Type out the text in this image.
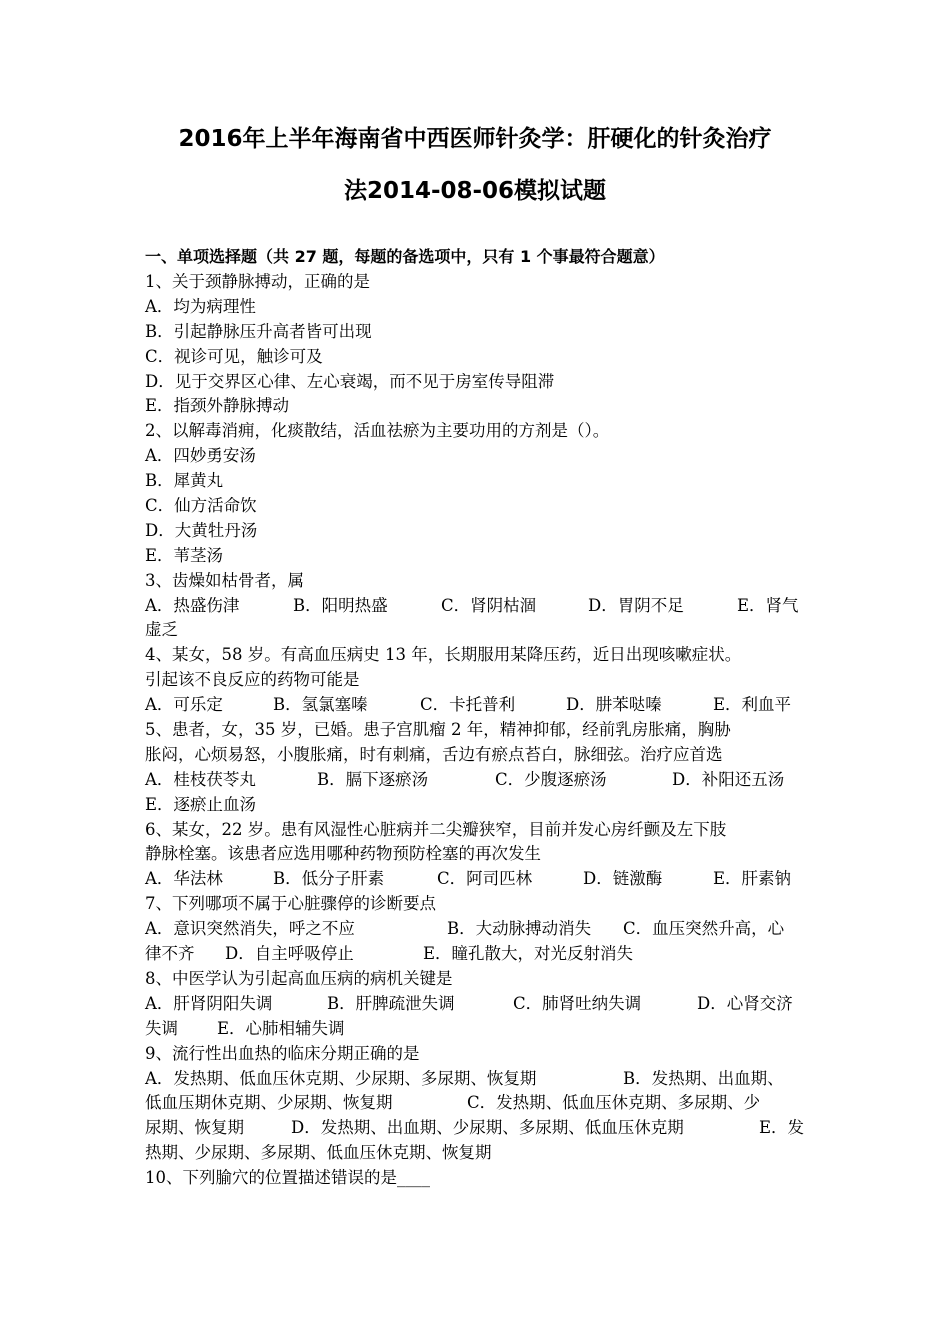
2016年上半年海南省中西医师针灸学：肝硬化的针灸治疗
法2014-08-06模拟试题
一、单项选择题（共 27 题，每题的备选项中，只有 1 个事最符合题意）
1、关于颈静脉搏动，正确的是
A．均为病理性
B．引起静脉压升高者皆可出现
C．视诊可见，触诊可及
D．见于交界区心律、左心衰竭，而不见于房室传导阻滞
E．指颈外静脉搏动
2、以解毒消痈，化痰散结，活血祛瘀为主要功用的方剂是（）。
A．四妙勇安汤
B．犀黄丸
C．仙方活命饮
D．大黄牡丹汤
E．苇茎汤
3、齿燥如枯骨者，属
A．热盛伤津	B．阳明热盛	C．肾阴枯涸	D．胃阴不足	E．肾气
虚乏
4、某女，58 岁。有高血压病史 13 年，长期服用某降压药，近日出现咳嗽症状。
引起该不良反应的药物可能是
A．可乐定	B．氢氯塞嗪	C．卡托普利	D．肼苯哒嗪	E．利血平
5、患者，女，35 岁，已婚。患子宫肌瘤 2 年，精神抑郁，经前乳房胀痛，胸胁
胀闷，心烦易怒，小腹胀痛，时有刺痛，舌边有瘀点苔白，脉细弦。治疗应首选
A．桂枝茯苓丸	B．膈下逐瘀汤	C．少腹逐瘀汤	D．补阳还五汤
E．逐瘀止血汤
6、某女，22 岁。患有风湿性心脏病并二尖瓣狭窄，目前并发心房纤颤及左下肢
静脉栓塞。该患者应选用哪种药物预防栓塞的再次发生
A．华法林	B．低分子肝素	C．阿司匹林	D．链激酶	E．肝素钠
7、下列哪项不属于心脏骤停的诊断要点
A．意识突然消失，呼之不应	B．大动脉搏动消失 C．血压突然升高，心
律不齐 D．自主呼吸停止	E．瞳孔散大，对光反射消失
8、中医学认为引起高血压病的病机关键是
A．肝肾阴阳失调	B．肝脾疏泄失调	C．肺肾吐纳失调	D．心肾交济
失调 E．心肺相辅失调
9、流行性出血热的临床分期正确的是
A．发热期、低血压休克期、少尿期、多尿期、恢复期	B．发热期、出血期、
低血压期休克期、少尿期、恢复期	C．发热期、低血压休克期、多尿期、少
尿期、恢复期	D．发热期、出血期、少尿期、多尿期、低血压休克期	E．发
热期、少尿期、多尿期、低血压休克期、恢复期
10、下列腧穴的位置描述错误的是____
